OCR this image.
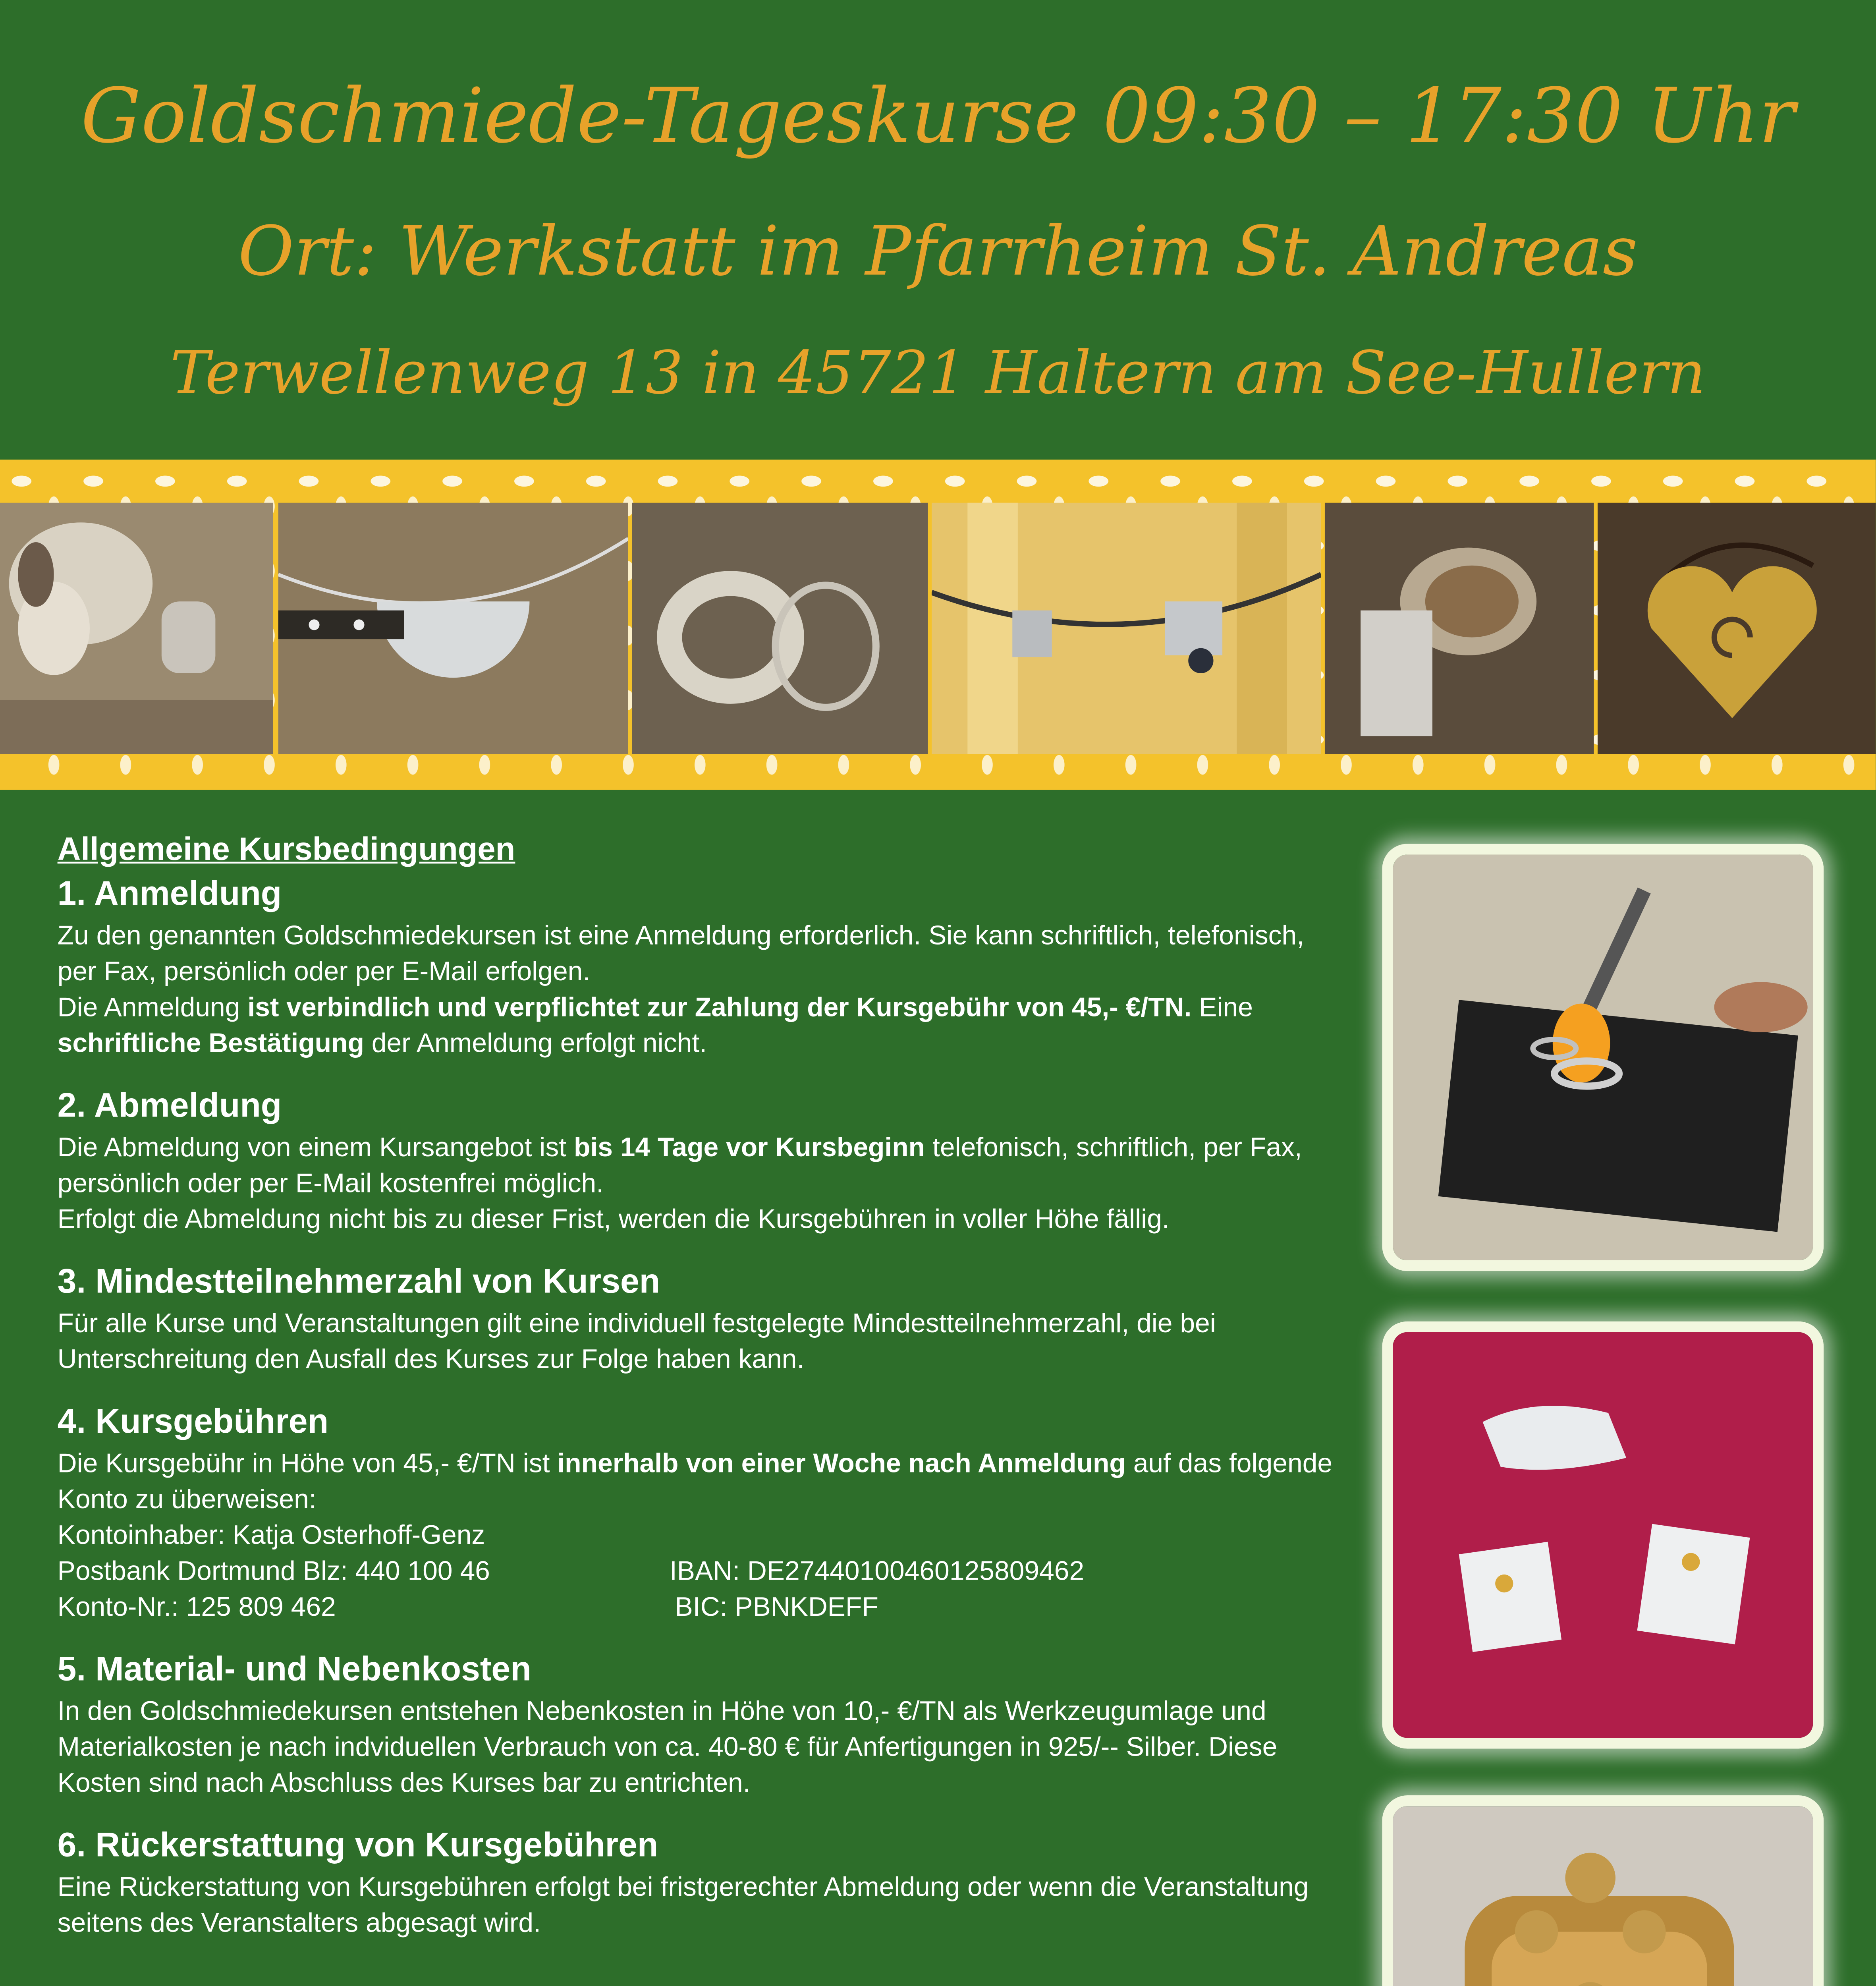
Goldschmiede-Tageskurse 09:30 – 17:30 Uhr
Ort: Werkstatt im Pfarrheim St. Andreas
Terwellenweg 13 in 45721 Haltern am See-Hullern
Allgemeine Kursbedingungen
1. Anmeldung

Zu den genannten Goldschmiedekursen ist eine Anmeldung erforderlich. Sie kann schriftlich, telefonisch, per Fax, persönlich oder per E-Mail erfolgen.

Die Anmeldung ist verbindlich und verpflichtet zur Zahlung der Kursgebühr von 45,- €/TN. Eine schriftliche Bestätigung der Anmeldung erfolgt nicht.

2. Abmeldung

Die Abmeldung von einem Kursangebot ist bis 14 Tage vor Kursbeginn telefonisch, schriftlich, per Fax, persönlich oder per E-Mail kostenfrei möglich.

Erfolgt die Abmeldung nicht bis zu dieser Frist, werden die Kursgebühren in voller Höhe fällig.

3. Mindestteilnehmerzahl von Kursen

Für alle Kurse und Veranstaltungen gilt eine individuell festgelegte Mindestteilnehmerzahl, die bei Unterschreitung den Ausfall des Kurses zur Folge haben kann.

4. Kursgebühren

Die Kursgebühr in Höhe von 45,- €/TN ist innerhalb von einer Woche nach Anmeldung auf das folgende Konto zu überweisen:

Kontoinhaber: Katja Osterhoff-Genz
Postbank Dortmund Blz: 440 100 46	IBAN: DE27440100460125809462
Konto-Nr.: 125 809 462	BIC: PBNKDEFF
5. Material- und Nebenkosten

In den Goldschmiedekursen entstehen Nebenkosten in Höhe von 10,- €/TN als Werkzeugumlage und Materialkosten je nach indviduellen Verbrauch von ca. 40-80 € für Anfertigungen in 925/-- Silber. Diese Kosten sind nach Abschluss des Kurses bar zu entrichten.

6. Rückerstattung von Kursgebühren

Eine Rückerstattung von Kursgebühren erfolgt bei fristgerechter Abmeldung oder wenn die Veranstaltung seitens des Veranstalters abgesagt wird.
